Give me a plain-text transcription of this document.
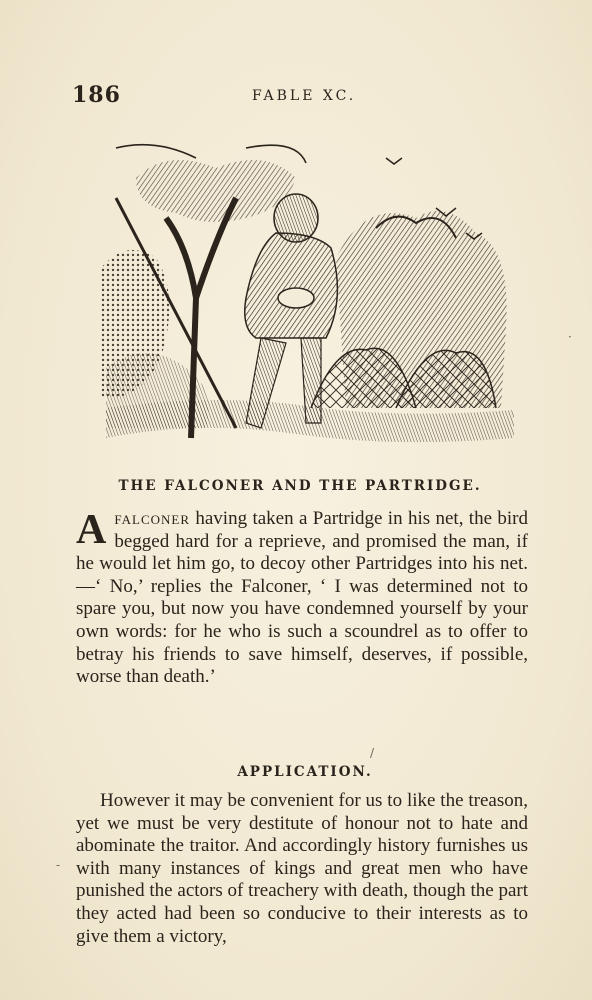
186	FABLE XC.
THE FALCONER AND THE PARTRIDGE.
Afalconer having taken a Partridge in his net, the bird begged hard for a reprieve, and promised the man, if he would let him go, to decoy other Partridges into his net.—‘ No,’ replies the Falconer, ‘ I was determined not to spare you, but now you have condemned yourself by your own words: for he who is such a scoundrel as to offer to betray his friends to save himself, deserves, if possible, worse than death.’
APPLICATION.
However it may be convenient for us to like the treason, yet we must be very destitute of honour not to hate and abominate the traitor. And accordingly history furnishes us with many instances of kings and great men who have punished the actors of treachery with death, though the part they acted had been so conducive to their interests as to give them a victory,
·
/
-
